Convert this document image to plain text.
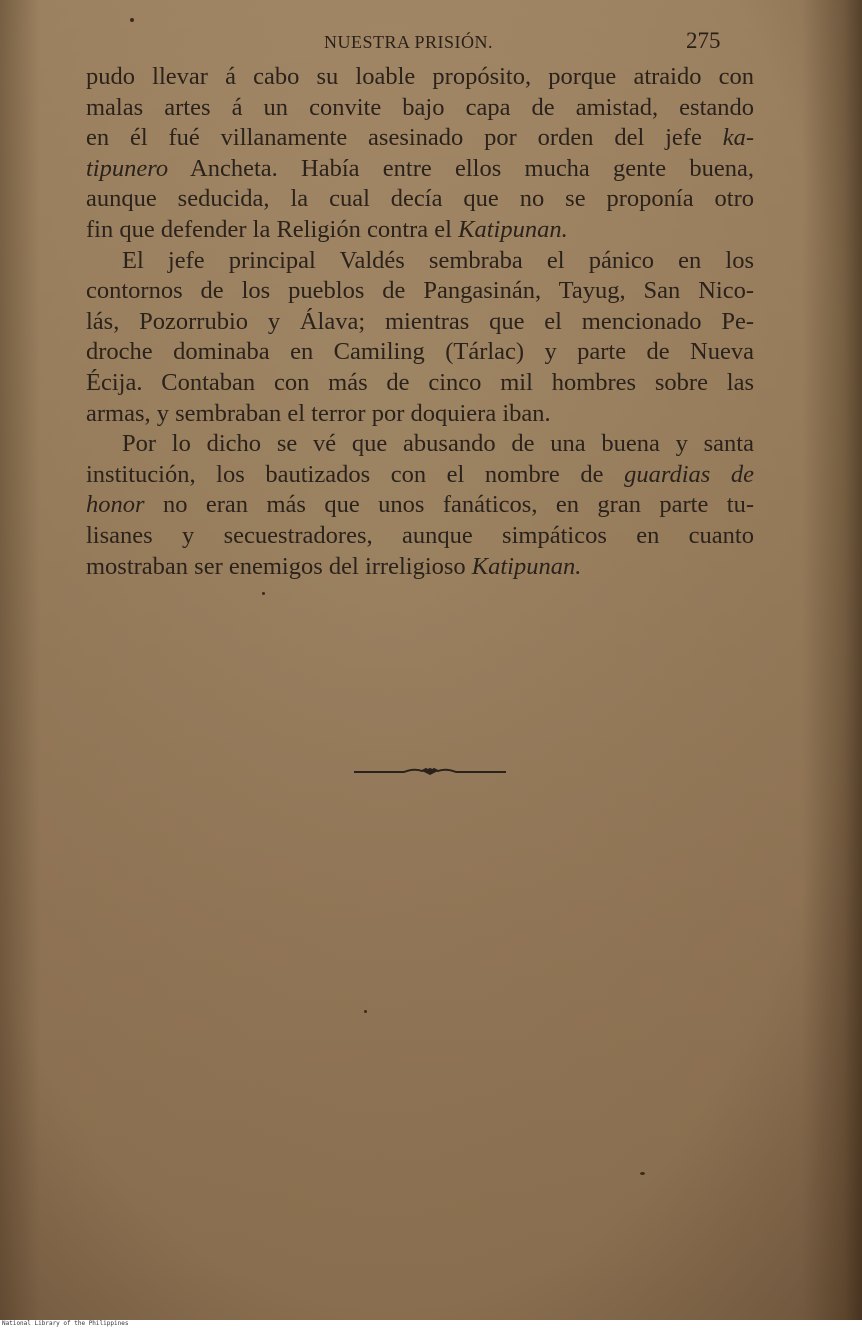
NUESTRA PRISIÓN.	275
pudo llevar á cabo su loable propósito, porque atraido con
malas artes á un convite bajo capa de amistad, estando
en él fué villanamente asesinado por orden del jefe ka-
tipunero Ancheta. Había entre ellos mucha gente buena,
aunque seducida, la cual decía que no se proponía otro
fin que defender la Religión contra el Katipunan.
El jefe principal Valdés sembraba el pánico en los
contornos de los pueblos de Pangasinán, Tayug, San Nico-
lás, Pozorrubio y Álava; mientras que el mencionado Pe-
droche dominaba en Camiling (Tárlac) y parte de Nueva
Écija. Contaban con más de cinco mil hombres sobre las
armas, y sembraban el terror por doquiera iban.
Por lo dicho se vé que abusando de una buena y santa
institución, los bautizados con el nombre de guardias de
honor no eran más que unos fanáticos, en gran parte tu-
lisanes y secuestradores, aunque simpáticos en cuanto
mostraban ser enemigos del irreligioso Katipunan.
National Library of the Philippines
